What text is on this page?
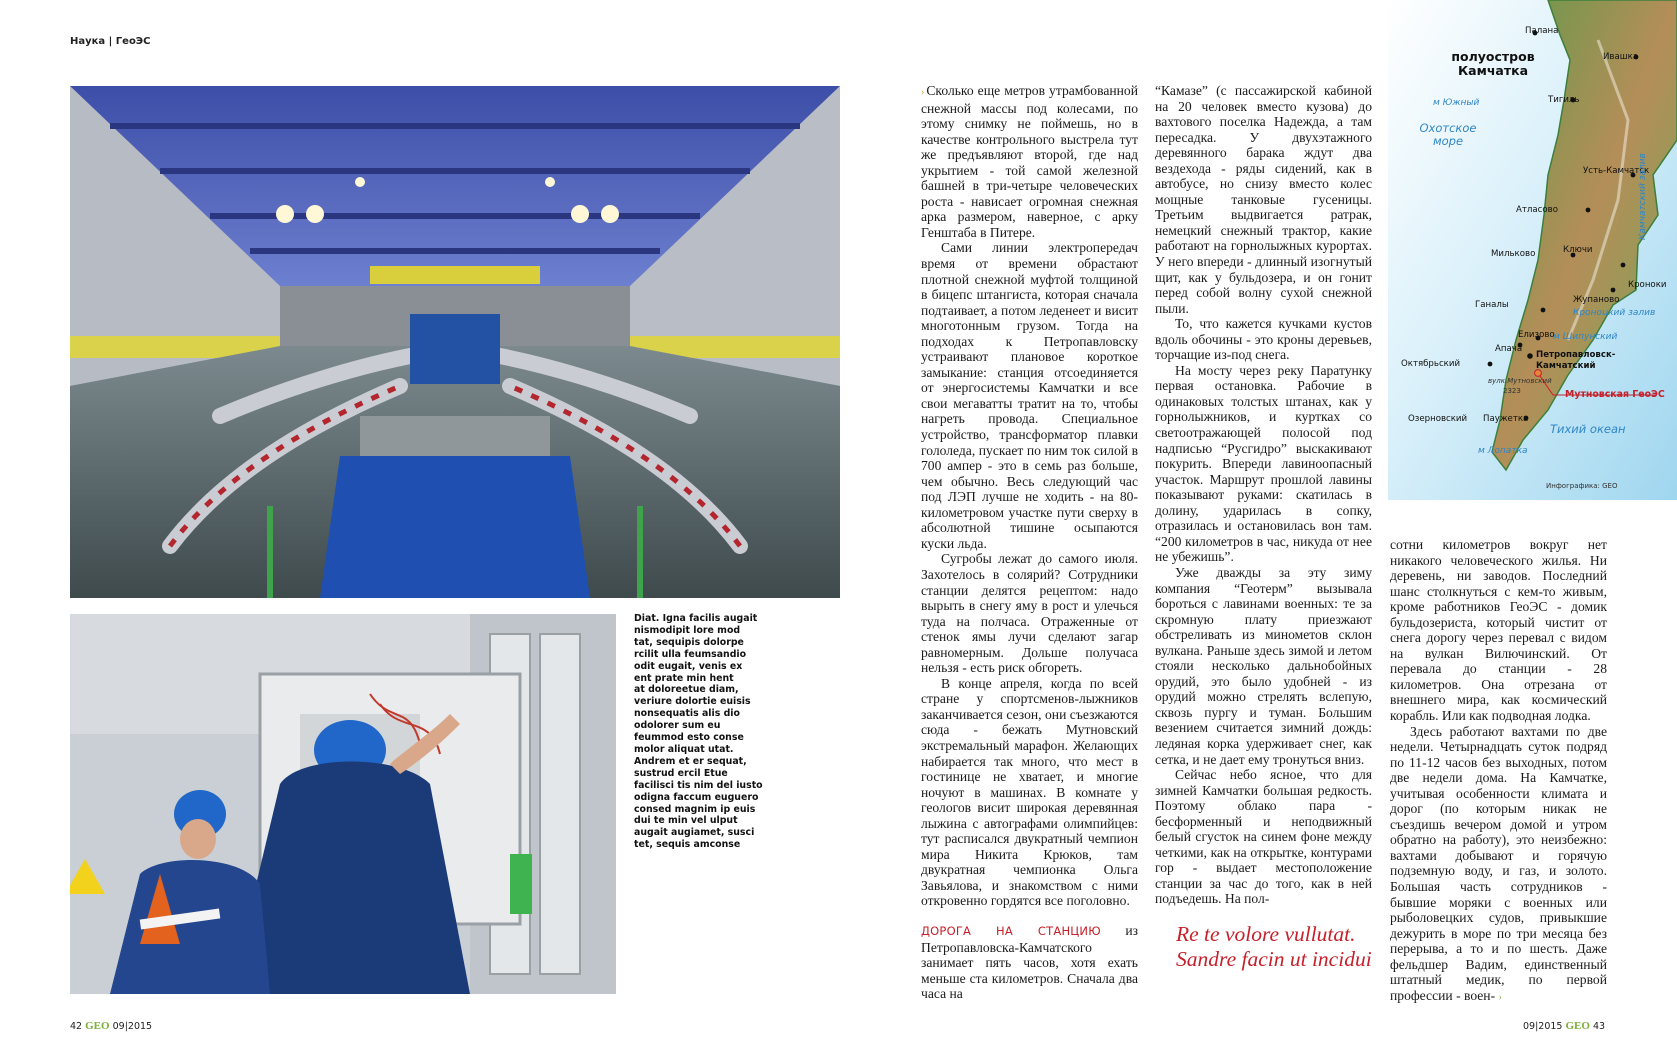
Наука | ГеоЭС
Diat. Igna facilis augait
nismodipit lore mod
tat, sequipis dolorpe
rcilit ulla feumsandio
odit eugait, venis ex
ent prate min hent
at doloreetue diam,
veriure dolortie euisis
nonsequatis alis dio
odolorer sum eu
feummod esto conse
molor aliquat utat.
Andrem et er sequat,
sustrud ercil Etue
facilisci tis nim del iusto
odigna faccum euguero
consed magnim ip euis
dui te min vel ulput
augait augiamet, susci
tet, sequis amconse

› Сколько еще метров утрамбованной снежной массы под колесами, по этому снимку не поймешь, но в качестве контрольного выстрела тут же предъявляют второй, где над укрытием - той самой железной башней в три-четыре человеческих роста - нависает огромная снежная арка размером, наверное, с арку Генштаба в Питере.

Сами линии электропередач время от времени обрастают плотной снежной муфтой толщиной в бицепс штангиста, которая сначала подтаивает, а потом леденеет и висит многотонным грузом. Тогда на подходах к Петропавловску устраивают плановое короткое замыкание: станция отсоединяется от энергосистемы Камчатки и все свои мегаватты тратит на то, чтобы нагреть провода. Специальное устройство, трансформатор плавки гололеда, пускает по ним ток силой в 700 ампер - это в семь раз больше, чем обычно. Весь следующий час под ЛЭП лучше не ходить - на 80-километровом участке пути сверху в абсолютной тишине осыпаются куски льда.

Сугробы лежат до самого июля. Захотелось в солярий? Сотрудники станции делятся рецептом: надо вырыть в снегу яму в рост и улечься туда на полчаса. Отраженные от стенок ямы лучи сделают загар равномерным. Дольше получаса нельзя - есть риск обгореть.

В конце апреля, когда по всей стране у спортсменов-лыжников заканчивается сезон, они съезжаются сюда - бежать Мутновский экстремальный марафон. Желающих набирается так много, что мест в гостинице не хватает, и многие ночуют в машинах. В комнате у геологов висит широкая деревянная лыжина с автографами олимпийцев: тут расписался двукратный чемпион мира Никита Крюков, там двукратная чемпионка Ольга Завьялова, и знакомством с ними откровенно гордятся все поголовно.

ДОРОГА НА СТАНЦИЮ из Петропавловска-Камчатского занимает пять часов, хотя ехать меньше ста километров. Сначала два часа на

“Камазе” (с пассажирской кабиной на 20 человек вместо кузова) до вахтового поселка Надежда, а там пересадка. У двухэтажного деревянного барака ждут два вездехода - ряды сидений, как в автобусе, но снизу вместо колес мощные танковые гусеницы. Третьим выдвигается ратрак, немецкий снежный трактор, какие работают на горнолыжных курортах. У него впереди - длинный изогнутый щит, как у бульдозера, и он гонит перед собой волну сухой снежной пыли.

То, что кажется кучками кустов вдоль обочины - это кроны деревьев, торчащие из-под снега.

На мосту через реку Паратунку первая остановка. Рабочие в одинаковых толстых штанах, как у горнолыжников, и куртках со светоотражающей полосой под надписью “Русгидро” выскакивают покурить. Впереди лавиноопасный участок. Маршрут прошлой лавины показывают руками: скатилась в долину, ударилась в сопку, отразилась и остановилась вон там. “200 километров в час, никуда от нее не убежишь”.

Уже дважды за эту зиму компания “Геотерм” вызывала бороться с лавинами военных: те за скромную плату приезжают обстреливать из минометов склон вулкана. Раньше здесь зимой и летом стояли несколько дальнобойных орудий, это было удобней - из орудий можно стрелять вслепую, сквозь пургу и туман. Большим везением считается зимний дождь: ледяная корка удерживает снег, как сетка, и не дает ему тронуться вниз.

Сейчас небо ясное, что для зимней Камчатки большая редкость. Поэтому облако пара - бесформенный и неподвижный белый сгусток на синем фоне между четкими, как на открытке, контурами гор - выдает местоположение станции за час до того, как в ней подъедешь. На пол-

Re te volore vullutat. Sandre facin ut incidui

сотни километров вокруг нет никакого человеческого жилья. Ни деревень, ни заводов. Последний шанс столкнуться с кем-то живым, кроме работников ГеоЭС - домик бульдозериста, который чистит от снега дорогу через перевал с видом на вулкан Вилючинский. От перевала до станции - 28 километров. Она отрезана от внешнего мира, как космический корабль. Или как подводная лодка.

Здесь работают вахтами по две недели. Четырнадцать суток подряд по 11-12 часов без выходных, потом две недели дома. На Камчатке, учитывая особенности климата и дорог (по которым никак не съездишь вечером домой и утром обратно на работу), это неизбежно: вахтами добывают и горячую подземную воду, и газ, и золото. Большая часть сотрудников - бывшие моряки с военных или рыболовецких судов, привыкшие дежурить в море по три месяца без перерыва, а то и по шесть. Даже фельдшер Вадим, единственный штатный медик, по первой профессии - воен- ›

полуостров Камчатка
Палана
Ивашка
Тигиль
Усть-Камчатск
Атласово
Мильково	Ключи
Кроноки
Жупаново
Ганалы
Елизово
Апача
Петропавловск-Камчатский
Октябрьский
Озерновский Паужетка
вулк.Мутновский
2323
м Южный
м Шипунский
м Лопатка
Охотское море
Тихий океан
Кроноцкий залив
Камчатский залив
Мутновская ГеоЭС
Инфографика: GEO
42 GEO 09|2015	09|2015 GEO 43
